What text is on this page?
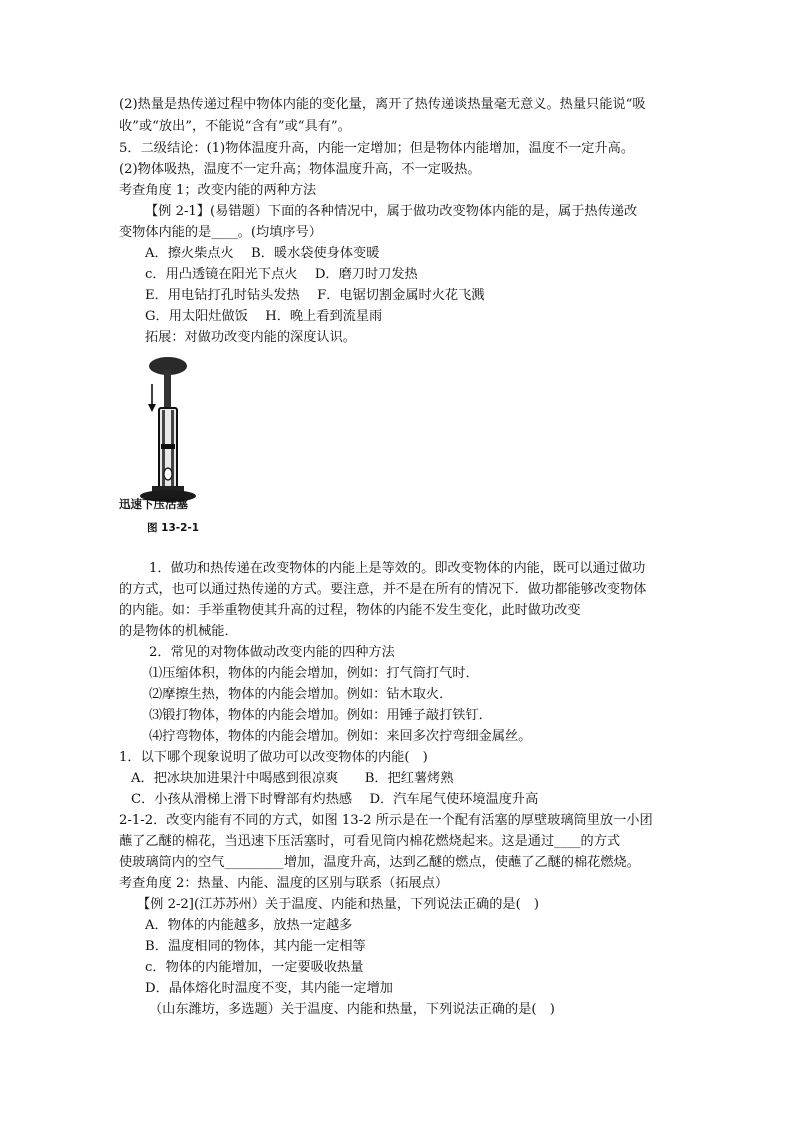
(2)热量是热传递过程中物体内能的变化量，离开了热传递谈热量毫无意义。热量只能说“吸
收”或“放出”，不能说“含有”或“具有”。
5．二级结论：(1)物体温度升高，内能一定增加；但是物体内能增加，温度不一定升高。
(2)物体吸热，温度不一定升高；物体温度升高，不一定吸热。
考查角度 1；改变内能的两种方法
【例 2-1】(易错题）下面的各种情况中，属于做功改变物体内能的是，属于热传递改
变物体内能的是____。(均填序号）
A．擦火柴点火　 B．暖水袋使身体变暖
c．用凸透镜在阳光下点火　 D．磨刀时刀发热
E．用电钻打孔时钻头发热　 F．电锯切割金属时火花飞溅
G．用太阳灶做饭　 H．晚上看到流星雨
拓展：对做功改变内能的深度认识。
迅速下压活塞
图 13-2-1
1．做功和热传递在改变物体的内能上是等效的。即改变物体的内能，既可以通过做功
的方式，也可以通过热传递的方式。要注意，并不是在所有的情况下．做功都能够改变物体
的内能。如：手举重物使其升高的过程，物体的内能不发生变化，此时做功改变
的是物体的机械能．
2．常见的对物体做动改变内能的四种方法
⑴压缩体积，物体的内能会增加，例如：打气筒打气时．
⑵摩擦生热，物体的内能会增加。例如：钻木取火．
⑶锻打物体，物体的内能会增加。例如：用锤子敲打铁钉．
⑷拧弯物体，物体的内能会增加。例如：来回多次拧弯细金属丝。
1．以下哪个现象说明了做功可以改变物体的内能(　)
A．把冰块加进果汁中喝感到很凉爽　　B．把红薯烤熟
C．小孩从滑梯上滑下时臀部有灼热感　 D．汽车尾气使环境温度升高
2-1-2．改变内能有不同的方式，如图 13-2 所示是在一个配有活塞的厚壁玻璃筒里放一小团
蘸了乙醚的棉花，当迅速下压活塞时，可看见筒内棉花燃烧起来。这是通过____的方式
使玻璃筒内的空气_________增加，温度升高，达到乙醚的燃点，使蘸了乙醚的棉花燃烧。
考查角度 2：热量、内能、温度的区别与联系（拓展点）
【例 2-2](江苏苏州）关于温度、内能和热量，下列说法正确的是(　)
A．物体的内能越多，放热一定越多
B．温度相同的物体，其内能一定相等
c．物体的内能增加，一定要吸收热量
D．晶体熔化时温度不变，其内能一定增加
（山东潍坊，多选题）关于温度、内能和热量，下列说法正确的是(　)
